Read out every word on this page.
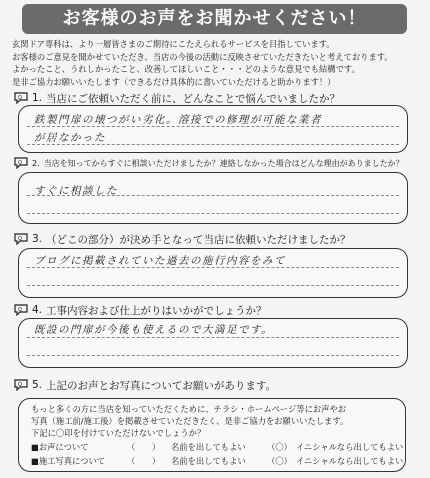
お客様のお声をお聞かせください！
玄関ドア専科は、より一層皆さまのご期待にこたえられるサービスを目指しています。
お客様のご意見を聞かせていただき、当店の今後の活動に反映させていただきたいと考えております。
よかったこと、うれしかったこと、改善してほしいこと・・・どのような意見でも結構です。
是非ご協力お願いいたします（できるだけ具体的に書いていただけると助かります！）
Q 1. 当店にご依頼いただく前に、どんなことで悩んでいましたか？
鉄製門扉の壊つがい劣化。溶接での修理が可能な業者
が居なかった
Q 2. 当店を知ってからすぐに相談いただけましたか？連絡しなかった場合はどんな理由がありましたか？
すぐに相談した
Q 3. （どこの部分）が決め手となって当店に依頼いただけましたか？
ブログに掲載されていた過去の施行内容をみて
Q 4. 工事内容および仕上がりはいかがでしょうか？
既設の門扉が今後も使えるので大満足です。
Q 5. 上記のお声とお写真についてお願いがあります。
もっと多くの方に当店を知っていただくために、チラシ・ホームページ等にお声やお
写真（施工前/施工後）を掲載させていただきたく、是非ご協力をお願いいたします。
下記に〇印を付けていただけないでしょうか？
■お声について	（　　）	名前を出してもよい	（〇） イニシャルなら出してもよい
■施工写真について	（　　）	名前を出してもよい	（〇） イニシャルなら出してもよい
